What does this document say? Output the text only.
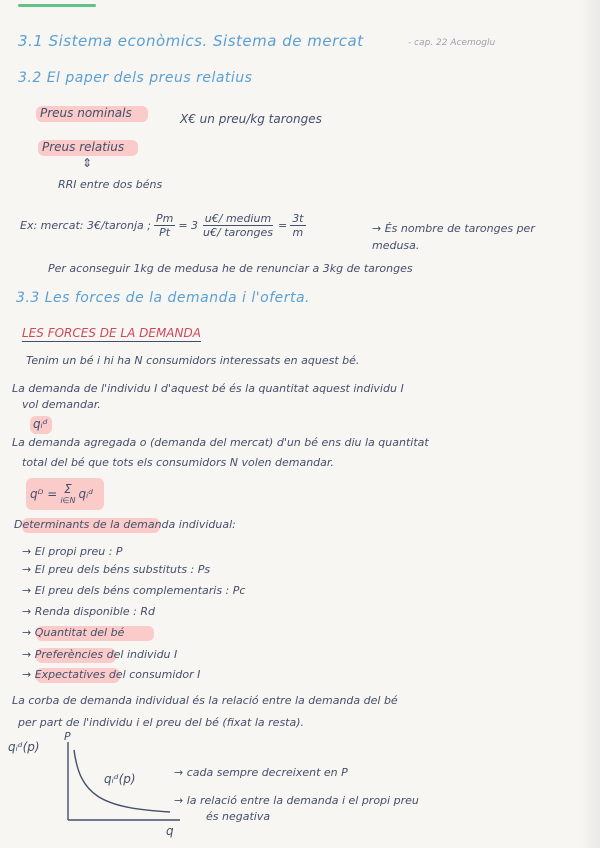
3.1 Sistema econòmics. Sistema de mercat	- cap. 22 Acemoglu
3.2 El paper dels preus relatius
Preus nominals	X€ un preu/kg taronges
Preus relatius
⇕
RRI entre dos béns
Ex: mercat: 3€/taronja ; $\frac{Pm}{Pt} = 3 \frac{\text{u€/ medium}}{\text{u€/ taronges}} = \frac{3t}{m}$	→ És nombre de taronges per medusa.
Per aconseguir 1kg de medusa he de renunciar a 3kg de taronges
3.3 Les forces de la demanda i l'oferta.
LES FORCES DE LA DEMANDA
Tenim un bé i hi ha N consumidors interessats en aquest bé.
La demanda de l'individu I d'aquest bé és la quantitat aquest individu I
vol demandar.
qᵢᵈ
La demanda agregada o (demanda del mercat) d'un bé ens diu la quantitat
total del bé que tots els consumidors N volen demandar.
qᴰ = Σ
i∈N qᵢᵈ
Determinants de la demanda individual:
→ El propi preu : P
→ El preu dels béns substituts : Ps
→ El preu dels béns complementaris : Pc
→ Renda disponible : Rd
→ Quantitat del bé
→ Preferències del individu I
→ Expectatives del consumidor I
La corba de demanda individual és la relació entre la demanda del bé
per part de l'individu i el preu del bé (fixat la resta).
qᵢᵈ(p)
P
qᵢᵈ(p)
q
→ cada sempre decreixent en P
→ la relació entre la demanda i el propi preu
és negativa
